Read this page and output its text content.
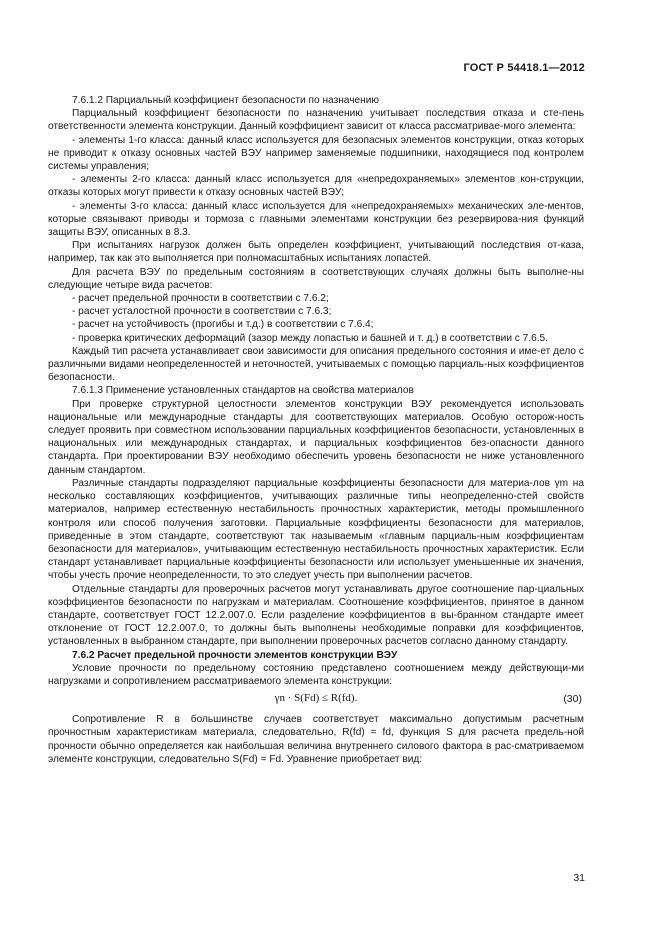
ГОСТ Р 54418.1—2012

7.6.1.2 Парциальный коэффициент безопасности по назначению

Парциальный коэффициент безопасности по назначению учитывает последствия отказа и сте-пень ответственности элемента конструкции. Данный коэффициент зависит от класса рассматривае-мого элемента:

- элементы 1-го класса: данный класс используется для безопасных элементов конструкции, отказ которых не приводит к отказу основных частей ВЭУ например заменяемые подшипники, находящиеся под контролем системы управления;

- элементы 2-го класса: данный класс используется для «непредохраняемых» элементов кон-струкции, отказы которых могут привести к отказу основных частей ВЭУ;

- элементы 3-го класса: данный класс используется для «непредохраняемых» механических эле-ментов, которые связывают приводы и тормоза с главными элементами конструкции без резервирова-ния функций защиты ВЭУ, описанных в 8.3.

При испытаниях нагрузок должен быть определен коэффициент, учитывающий последствия от-каза, например, так как это выполняется при полномасштабных испытаниях лопастей.

Для расчета ВЭУ по предельным состояниям в соответствующих случаях должны быть выполне-ны следующие четыре вида расчетов:

- расчет предельной прочности в соответствии с 7.6.2;

- расчет усталостной прочности в соответствии с 7.6.3;

- расчет на устойчивость (прогибы и т.д.) в соответствии с 7.6.4;

- проверка критических деформаций (зазор между лопастью и башней и т. д.) в соответствии с 7.6.5.

Каждый тип расчета устанавливает свои зависимости для описания предельного состояния и име-ет дело с различными видами неопределенностей и неточностей, учитываемых с помощью парциаль-ных коэффициентов безопасности.

7.6.1.3 Применение установленных стандартов на свойства материалов

При проверке структурной целостности элементов конструкции ВЭУ рекомендуется использовать национальные или международные стандарты для соответствующих материалов. Особую осторож-ность следует проявить при совместном использовании парциальных коэффициентов безопасности, установленных в национальных или международных стандартах, и парциальных коэффициентов без-опасности данного стандарта. При проектировании ВЭУ необходимо обеспечить уровень безопасности не ниже установленного данным стандартом.

Различные стандарты подразделяют парциальные коэффициенты безопасности для материа-лов γm на несколько составляющих коэффициентов, учитывающих различные типы неопределенно-стей свойств материалов, например естественную нестабильность прочностных характеристик, методы промышленного контроля или способ получения заготовки. Парциальные коэффициенты безопасности для материалов, приведенные в этом стандарте, соответствуют так называемым «главным парциаль-ным коэффициентам безопасности для материалов», учитывающим естественную нестабильность прочностных характеристик. Если стандарт устанавливает парциальные коэффициенты безопасности или использует уменьшенные их значения, чтобы учесть прочие неопределенности, то это следует учесть при выполнении расчетов.

Отдельные стандарты для проверочных расчетов могут устанавливать другое соотношение пар-циальных коэффициентов безопасности по нагрузкам и материалам. Соотношение коэффициентов, принятое в данном стандарте, соответствует ГОСТ 12.2.007.0. Если разделение коэффициентов в вы-бранном стандарте имеет отклонение от ГОСТ 12.2.007.0, то должны быть выполнены необходимые поправки для коэффициентов, установленных в выбранном стандарте, при выполнении проверочных расчетов согласно данному стандарту.

7.6.2 Расчет предельной прочности элементов конструкции ВЭУ

Условие прочности по предельному состоянию представлено соотношением между действующи-ми нагрузками и сопротивлением рассматриваемого элемента конструкции:

γn · S(Fd) ≤ R(fd).	(30)

Сопротивление R в большинстве случаев соответствует максимально допустимым расчетным прочностным характеристикам материала, следовательно, R(fd) = fd, функция S для расчета предель-ной прочности обычно определяется как наибольшая величина внутреннего силового фактора в рас-сматриваемом элементе конструкции, следовательно S(Fd) = Fd. Уравнение приобретает вид:

31
